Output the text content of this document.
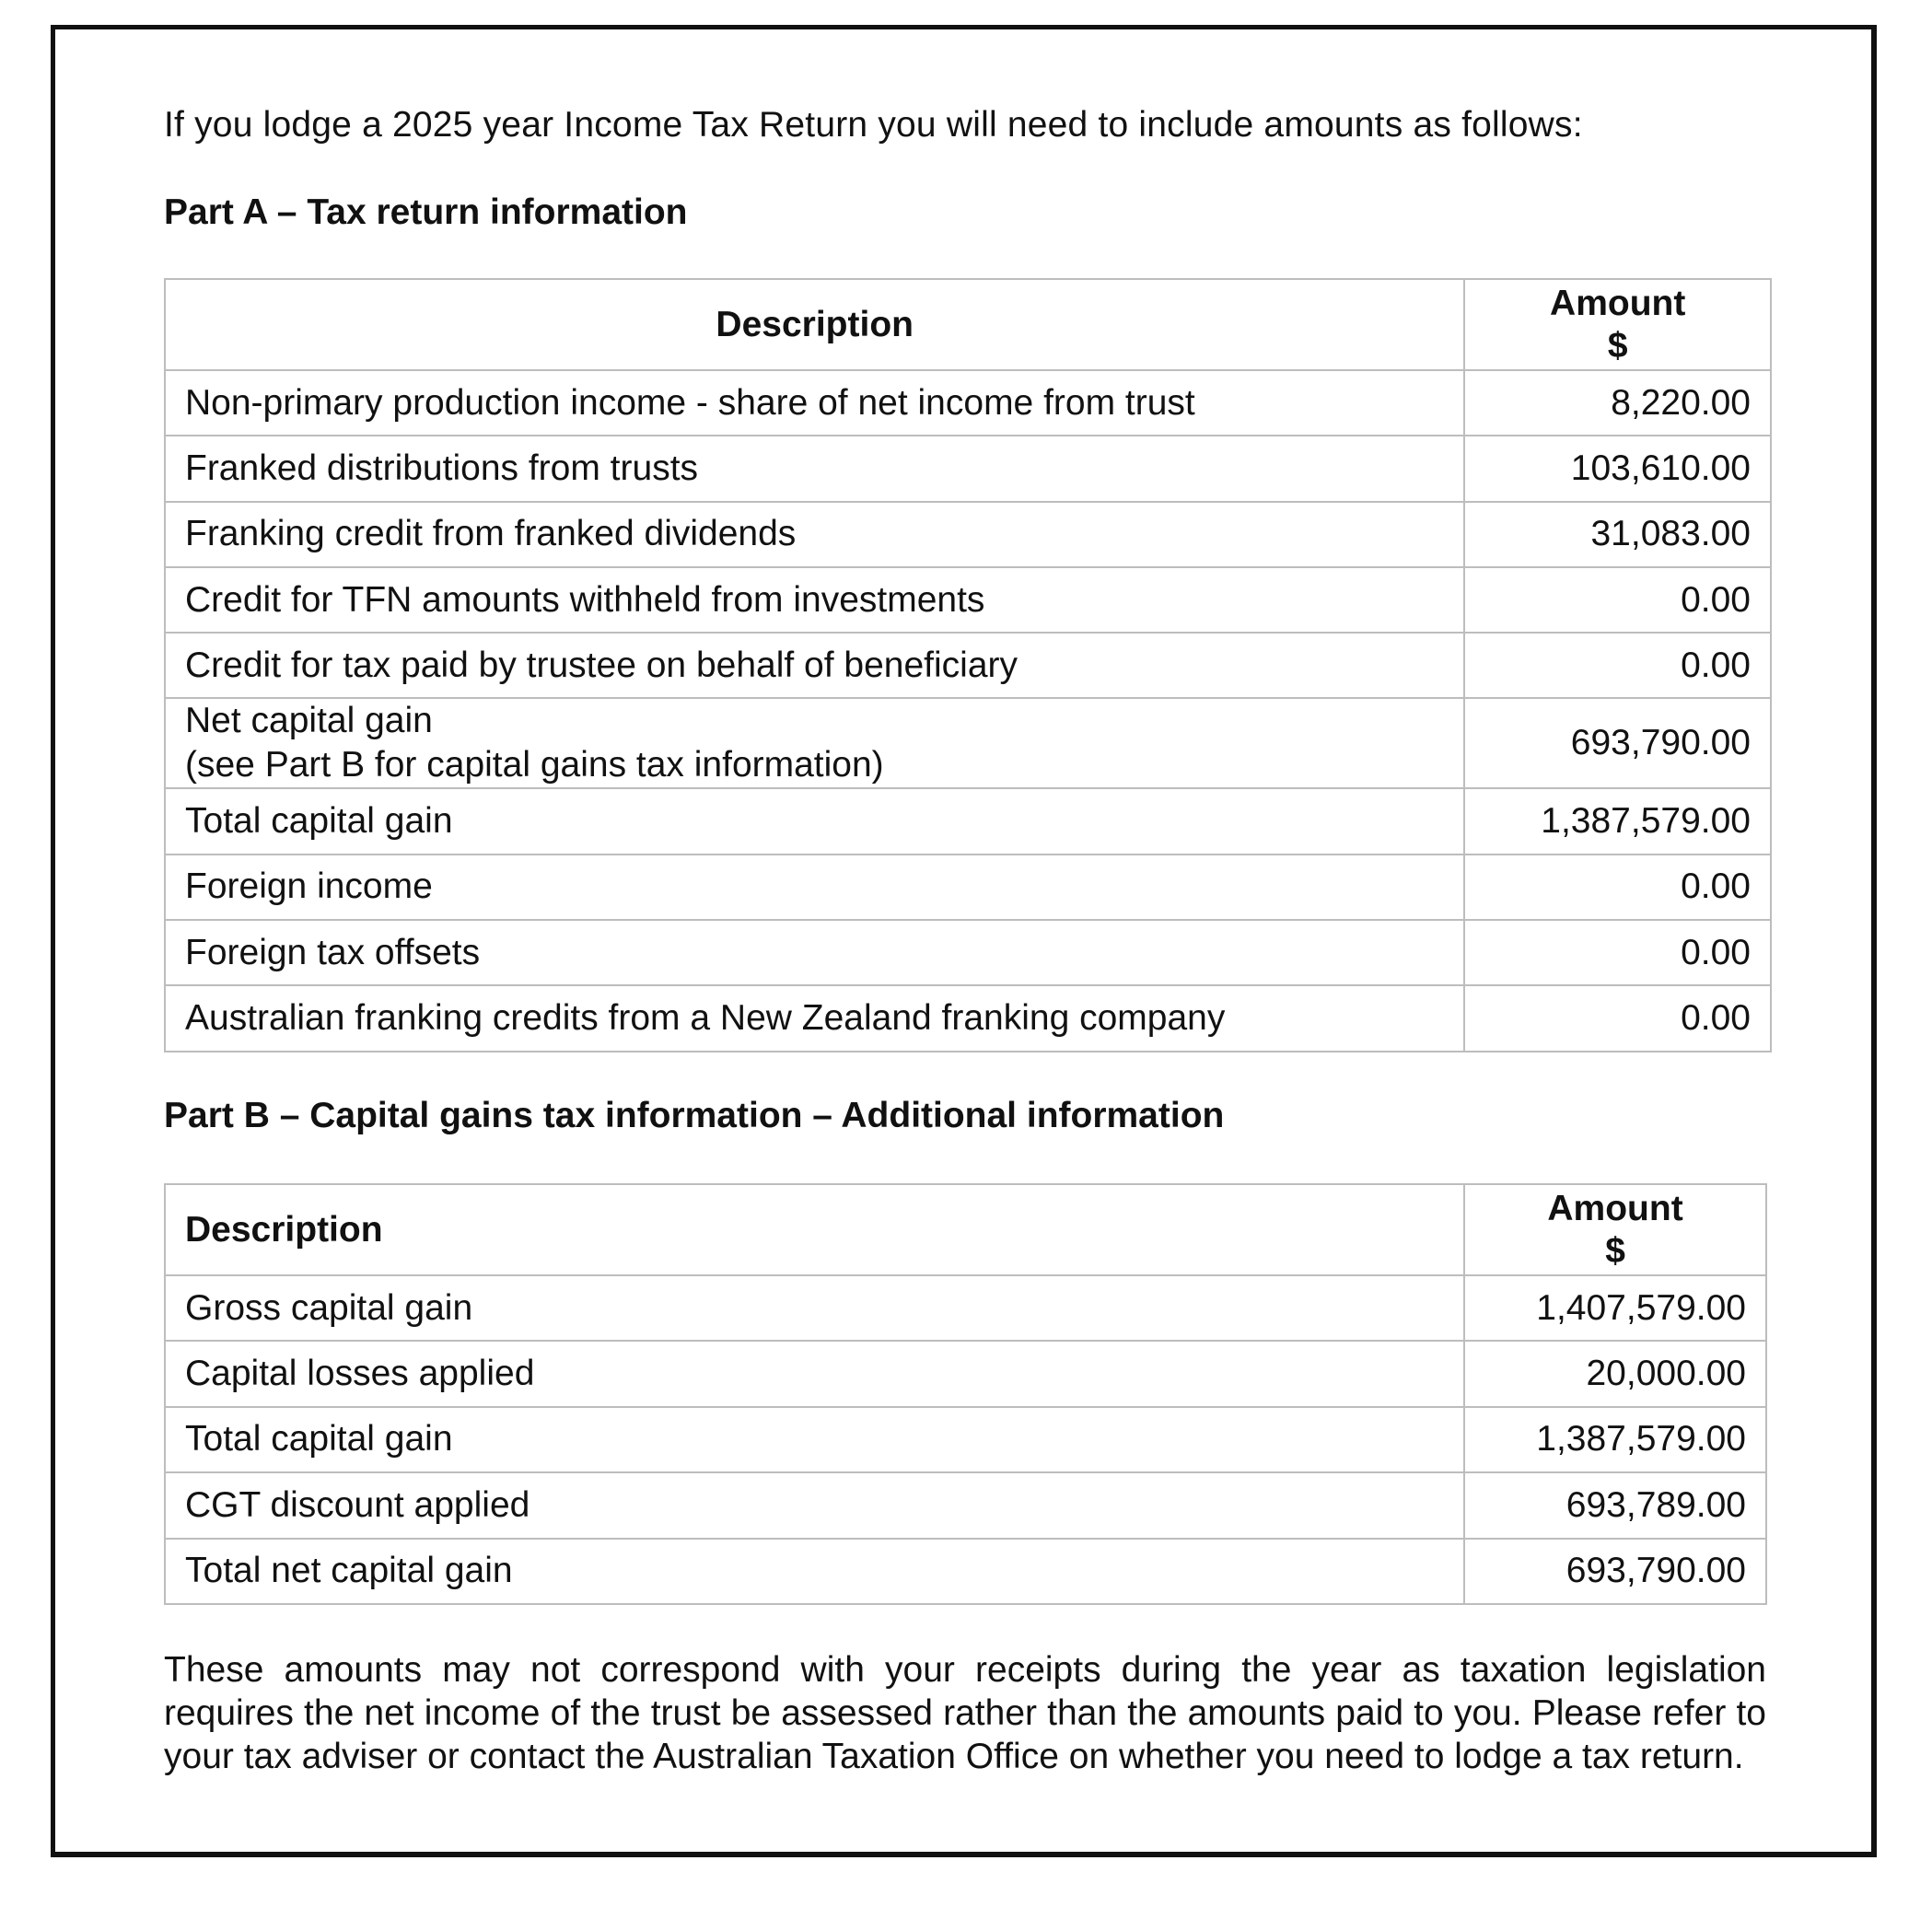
If you lodge a 2025 year Income Tax Return you will need to include amounts as follows:
Part A – Tax return information
Description	Amount
$

Non-primary production income - share of net income from trust	8,220.00
Franked distributions from trusts	103,610.00
Franking credit from franked dividends	31,083.00
Credit for TFN amounts withheld from investments	0.00
Credit for tax paid by trustee on behalf of beneficiary	0.00

Net capital gain
(see Part B for capital gains tax information)	693,790.00
Total capital gain	1,387,579.00
Foreign income	0.00
Foreign tax offsets	0.00
Australian franking credits from a New Zealand franking company	0.00
Part B – Capital gains tax information – Additional information
Description	Amount
$

Gross capital gain	1,407,579.00
Capital losses applied	20,000.00
Total capital gain	1,387,579.00
CGT discount applied	693,789.00
Total net capital gain	693,790.00
These amounts may not correspond with your receipts during the year as taxation legislation requires the net income of the trust be assessed rather than the amounts paid to you. Please refer to your tax adviser or contact the Australian Taxation Office on whether you need to lodge a tax return.
